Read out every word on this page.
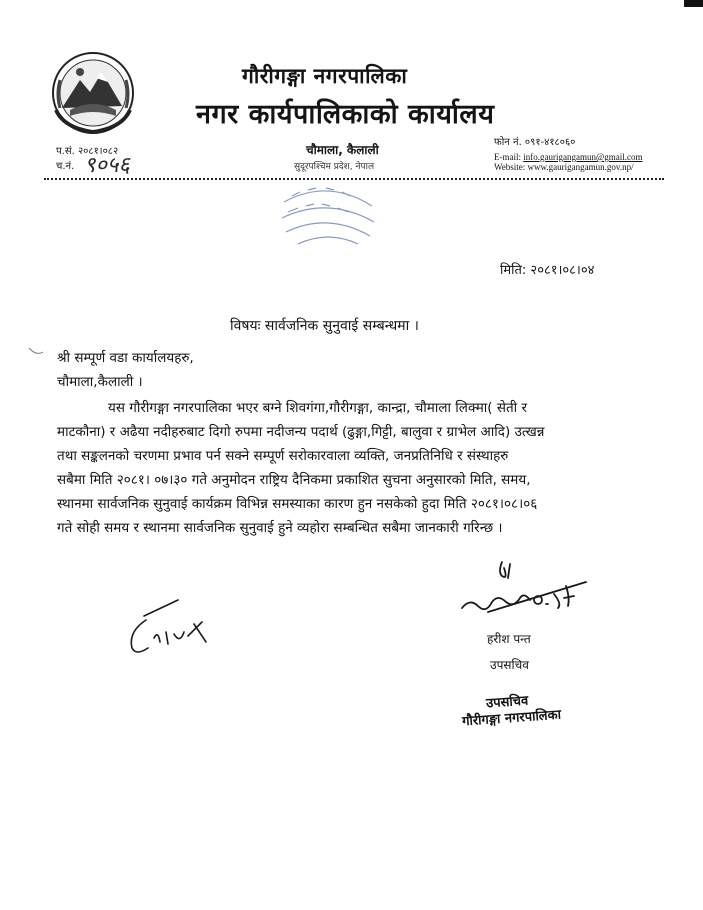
गौरीगङ्गा नगरपालिका
नगर कार्यपालिकाको कार्यालय
प.सं. २०८१।०८२
च.नं. ९०५६
चौमाला, कैलाली
सुदूरपश्चिम प्रदेश, नेपाल
फोन नं. ०९१-४१८०६०
E-mail: info.gaurigangamun@gmail.com
Website: www.gaurigangamun.gov.np/
मिति: २०८१।०८।०४
विषयः सार्वजनिक सुनुवाई सम्बन्धमा ।
श्री सम्पूर्ण वडा कार्यालयहरु,
चौमाला,कैलाली ।
यस गौरीगङ्गा नगरपालिका भएर बग्ने शिवगंगा,गौरीगङ्गा, कान्द्रा, चौमाला लिक्मा( सेती र
माटकौना) र अढैया नदीहरुबाट दिगो रुपमा नदीजन्य पदार्थ (ढुङ्गा,गिट्टी, बालुवा र ग्राभेल आदि) उत्खन्न
तथा सङ्कलनको चरणमा प्रभाव पर्न सक्ने सम्पूर्ण सरोकारवाला व्यक्ति, जनप्रतिनिधि र संस्थाहरु
सबैमा मिति २०८१। ०७।३० गते अनुमोदन राष्ट्रिय दैनिकमा प्रकाशित सुचना अनुसारको मिति, समय,
स्थानमा सार्वजनिक सुनुवाई कार्यक्रम विभिन्न समस्याका कारण हुन नसकेको हुदा मिति २०८१।०८।०६
गते सोही समय र स्थानमा सार्वजनिक सुनुवाई हुने व्यहोरा सम्बन्धित सबैमा जानकारी गरिन्छ ।
हरीश पन्त
उपसचिव
उपसचिव
गौरीगङ्गा नगरपालिका
